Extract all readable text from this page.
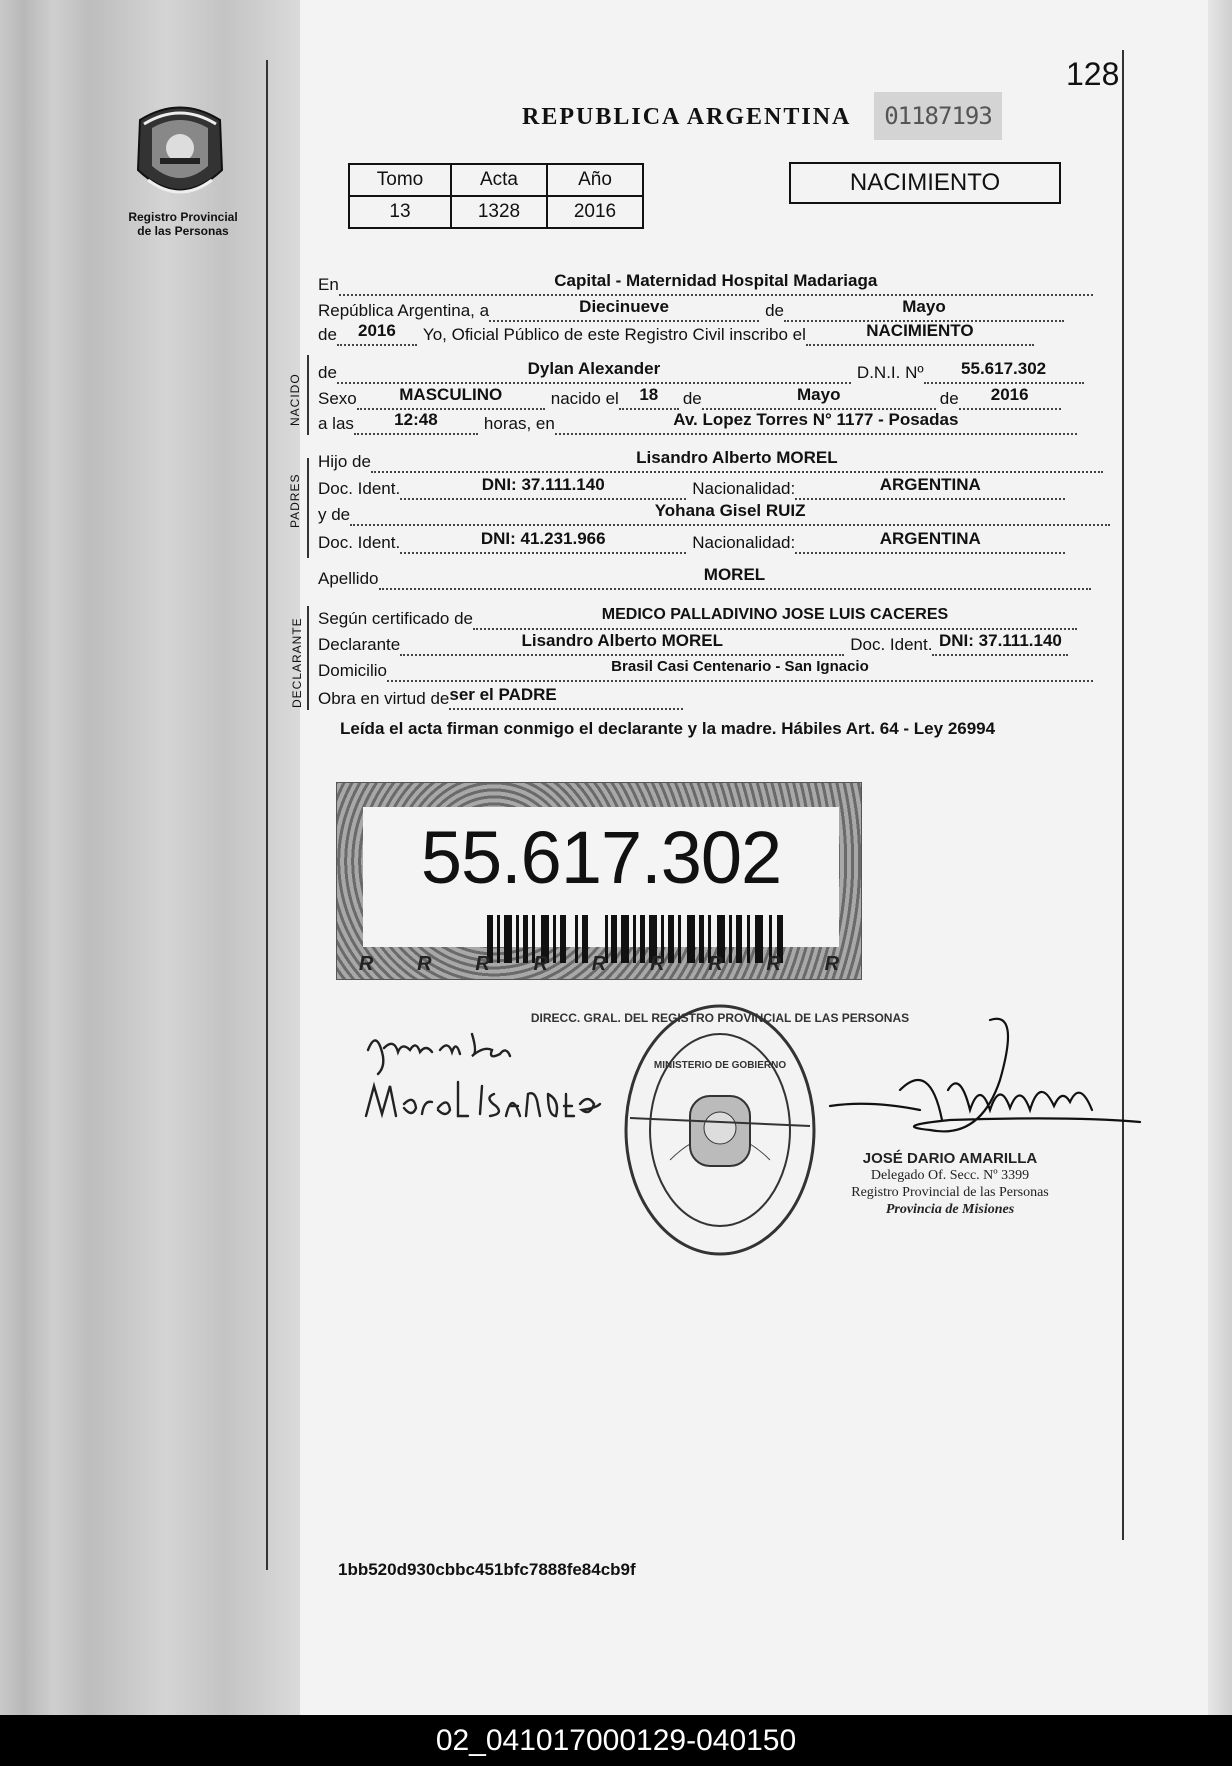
128
Registro Provincial
de las Personas
REPUBLICA ARGENTINA	01187193
Tomo	Acta	Año
13	1328	2016
NACIMIENTO
En	Capital - Maternidad Hospital Madariaga
República Argentina, a	Diecinueve	de	Mayo
de	2016	Yo, Oficial Público de este Registro Civil inscribo el	NACIMIENTO
NACIDO
de	Dylan Alexander	D.N.I. Nº	55.617.302
Sexo	MASCULINO	nacido el	18	de	Mayo	de	2016
a las	12:48	horas, en	Av. Lopez Torres N° 1177 - Posadas
PADRES
Hijo de	Lisandro Alberto MOREL
Doc. Ident.	DNI: 37.111.140	Nacionalidad:	ARGENTINA
y de	Yohana Gisel RUIZ
Doc. Ident.	DNI: 41.231.966	Nacionalidad:	ARGENTINA
Apellido	MOREL
DECLARANTE Según certificado de	MEDICO PALLADIVINO JOSE LUIS CACERES
Declarante	Lisandro Alberto MOREL	Doc. Ident. DNI: 37.111.140
Domicilio	Brasil Casi Centenario - San Ignacio
Obra en virtud de ser el PADRE
Leída el acta firman conmigo el declarante y la madre. Hábiles Art. 64 - Ley 26994
55.617.302
R R R R R R R R R
DIRECC. GRAL. DEL REGISTRO PROVINCIAL DE LAS PERSONAS
MINISTERIO DE GOBIERNO
JOSÉ DARIO AMARILLA
Delegado Of. Secc. Nº 3399
Registro Provincial de las Personas
Provincia de Misiones
1bb520d930cbbc451bfc7888fe84cb9f
02_041017000129-040150
